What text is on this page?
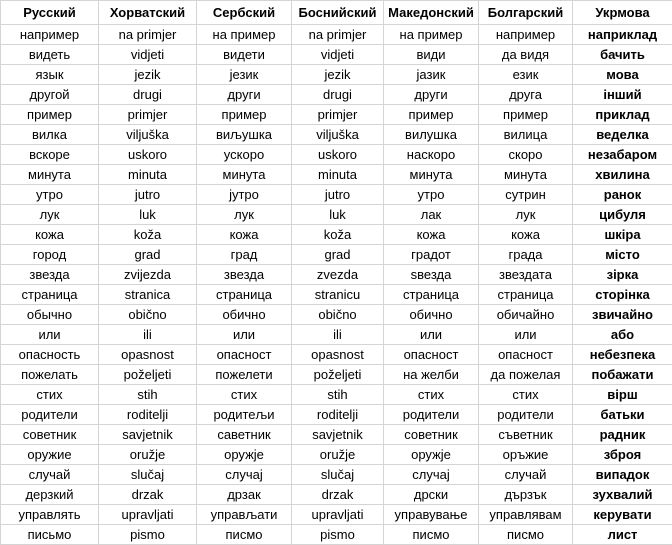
Русский	Хорватский	Сербский	Боснийский	Македонский	Болгарский	Укрмова
например	na primjer	на пример	na primjer	на пример	например	наприклад
видеть	vidjeti	видети	vidjeti	види	да видя	бачить
язык	jezik	језик	jezik	јазик	език	мова
другой	drugi	други	drugi	други	друга	інший
пример	primjer	пример	primjer	пример	пример	приклад
вилка	viljuška	виљушка	viljuška	вилушка	вилица	веделка
вскоре	uskoro	ускоро	uskoro	наскоро	скоро	незабаром
минута	minuta	минута	minuta	минута	минута	хвилина
утро	jutro	јутро	jutro	утро	сутрин	ранок
лук	luk	лук	luk	лак	лук	цибуля
кожа	koža	кожа	koža	кожа	кожа	шкіра
город	grad	град	grad	градот	града	місто
звезда	zvijezda	звезда	zvezda	ѕвезда	звездата	зірка
страница	stranica	страница	stranicu	страница	страница	сторінка
обычно	obično	обично	obično	обично	обичайно	звичайно
или	ili	или	ili	или	или	або
опасность	opasnost	опасност	opasnost	опасност	опасност	небезпека
пожелать	poželjeti	пожелети	poželjeti	на желби	да пожелая	побажати
стих	stih	стих	stih	стих	стих	вірш
родители	roditelji	родитељи	roditelji	родители	родители	батьки
советник	savjetnik	саветник	savjetnik	советник	съветник	радник
оружие	oružje	оружје	oružje	оружје	оръжие	зброя
случай	slučaj	случај	slučaj	случај	случай	випадок
дерзкий	drzak	дрзак	drzak	дрски	дързък	зухвалий
управлять	upravljati	управљати	upravljati	управување	управлявам	керувати
письмо	pismo	писмо	pismo	писмо	писмо	лист
